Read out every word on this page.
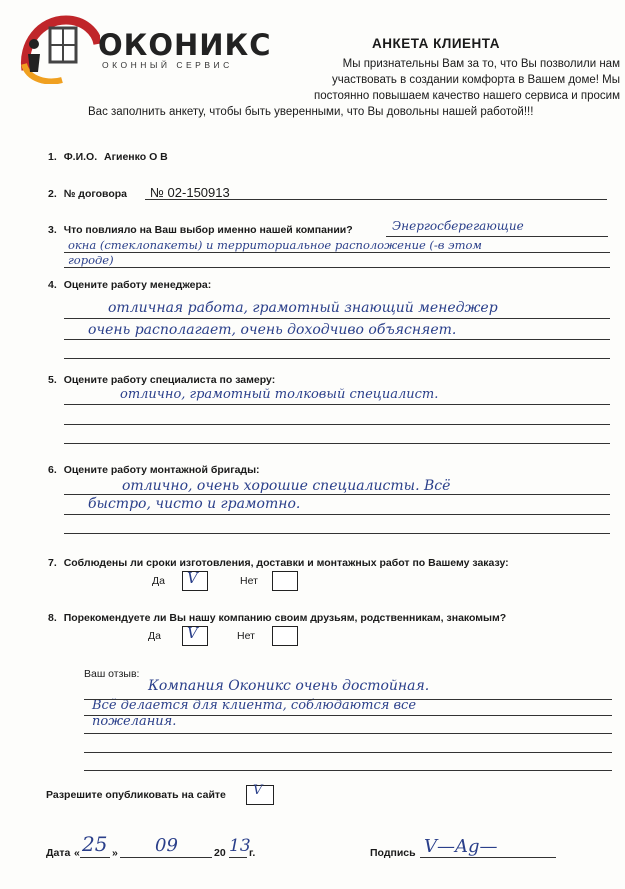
ОКОНИКС
ОКОННЫЙ СЕРВИС
АНКЕТА КЛИЕНТА
Мы признательны Вам за то, что Вы позволили нам
участвовать в создании комфорта в Вашем доме! Мы
постоянно повышаем качество нашего сервиса и просим
Вас заполнить анкету, чтобы быть уверенными, что Вы довольны нашей работой!!!
1. Ф.И.О. Агиенко О В
2. № договора № 02-150913
3. Что повлияло на Ваш выбор именно нашей компании?	Энергосберегающие
окна (стеклопакеты) и территориальное расположение (-в этом
городе)
4. Оцените работу менеджера:
отличная работа, грамотный знающий менеджер
очень располагает, очень доходчиво объясняет.
5. Оцените работу специалиста по замеру:
отлично, грамотный толковый специалист.
6. Оцените работу монтажной бригады:
отлично, очень хорошие специалисты. Всё
быстро, чисто и грамотно.
7. Соблюдены ли сроки изготовления, доставки и монтажных работ по Вашему заказу:
Да V	Нет
8. Порекомендуете ли Вы нашу компанию своим друзьям, родственникам, знакомым?
Да V	Нет
Ваш отзыв:
Компания Оконикс очень достойная.
Всё делается для клиента, соблюдаются все
пожелания.
Разрешите опубликовать на сайте V
Дата « 25 » 09	20 13
г.	Подпись V—Ag—
